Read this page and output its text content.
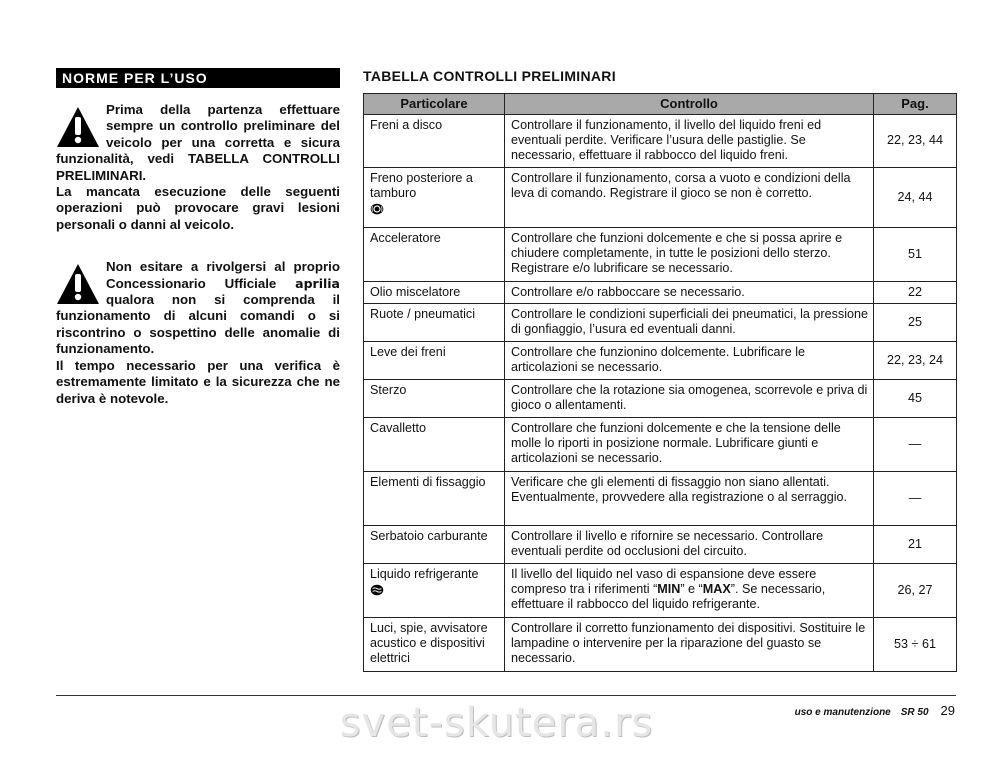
NORME PER L’USO

Prima della partenza effettuare sempre un controllo preliminare del veicolo per una corretta e sicura funzionalità, vedi TABELLA CONTROLLI PRELIMINARI.

La mancata esecuzione delle seguenti operazioni può provocare gravi lesioni personali o danni al veicolo.

Non esitare a rivolgersi al proprio Concessionario Ufficiale aprilia qualora non si comprenda il funzionamento di alcuni comandi o si riscontrino o sospettino delle anomalie di funzionamento.

Il tempo necessario per una verifica è estremamente limitato e la sicurezza che ne deriva è notevole.

TABELLA CONTROLLI PRELIMINARI
Particolare	Controllo	Pag.
Freni a disco	Controllare il funzionamento, il livello del liquido freni ed eventuali perdite. Verificare l’usura delle pastiglie. Se necessario, effettuare il rabbocco del liquido freni.	22, 23, 44

Freno posteriore a tamburo	Controllare il funzionamento, corsa a vuoto e condizioni della leva di comando. Registrare il gioco se non è corretto.	24, 44
Acceleratore	Controllare che funzioni dolcemente e che si possa aprire e chiudere completamente, in tutte le posizioni dello sterzo. Registrare e/o lubrificare se necessario.	51
Olio miscelatore	Controllare e/o rabboccare se necessario.	22
Ruote / pneumatici	Controllare le condizioni superficiali dei pneumatici, la pressione di gonfiaggio, l’usura ed eventuali danni.	25
Leve dei freni	Controllare che funzionino dolcemente. Lubrificare le articolazioni se necessario.	22, 23, 24
Sterzo	Controllare che la rotazione sia omogenea, scorrevole e priva di gioco o allentamenti.	45
Cavalletto	Controllare che funzioni dolcemente e che la tensione delle molle lo riporti in posizione normale. Lubrificare giunti e articolazioni se necessario.	—
Elementi di fissaggio	Verificare che gli elementi di fissaggio non siano allentati. Eventualmente, provvedere alla registrazione o al serraggio.	—
Serbatoio carburante	Controllare il livello e rifornire se necessario. Controllare eventuali perdite od occlusioni del circuito.	21

Liquido refrigerante	Il livello del liquido nel vaso di espansione deve essere compreso tra i riferimenti “MIN” e “MAX”. Se necessario, effettuare il rabbocco del liquido refrigerante.	26, 27
Luci, spie, avvisatore acustico e dispositivi elettrici	Controllare il corretto funzionamento dei dispositivi. Sostituire le lampadine o intervenire per la riparazione del guasto se necessario.	53 ÷ 61
uso e manutenzione SR 50 29
svet-skutera.rs
